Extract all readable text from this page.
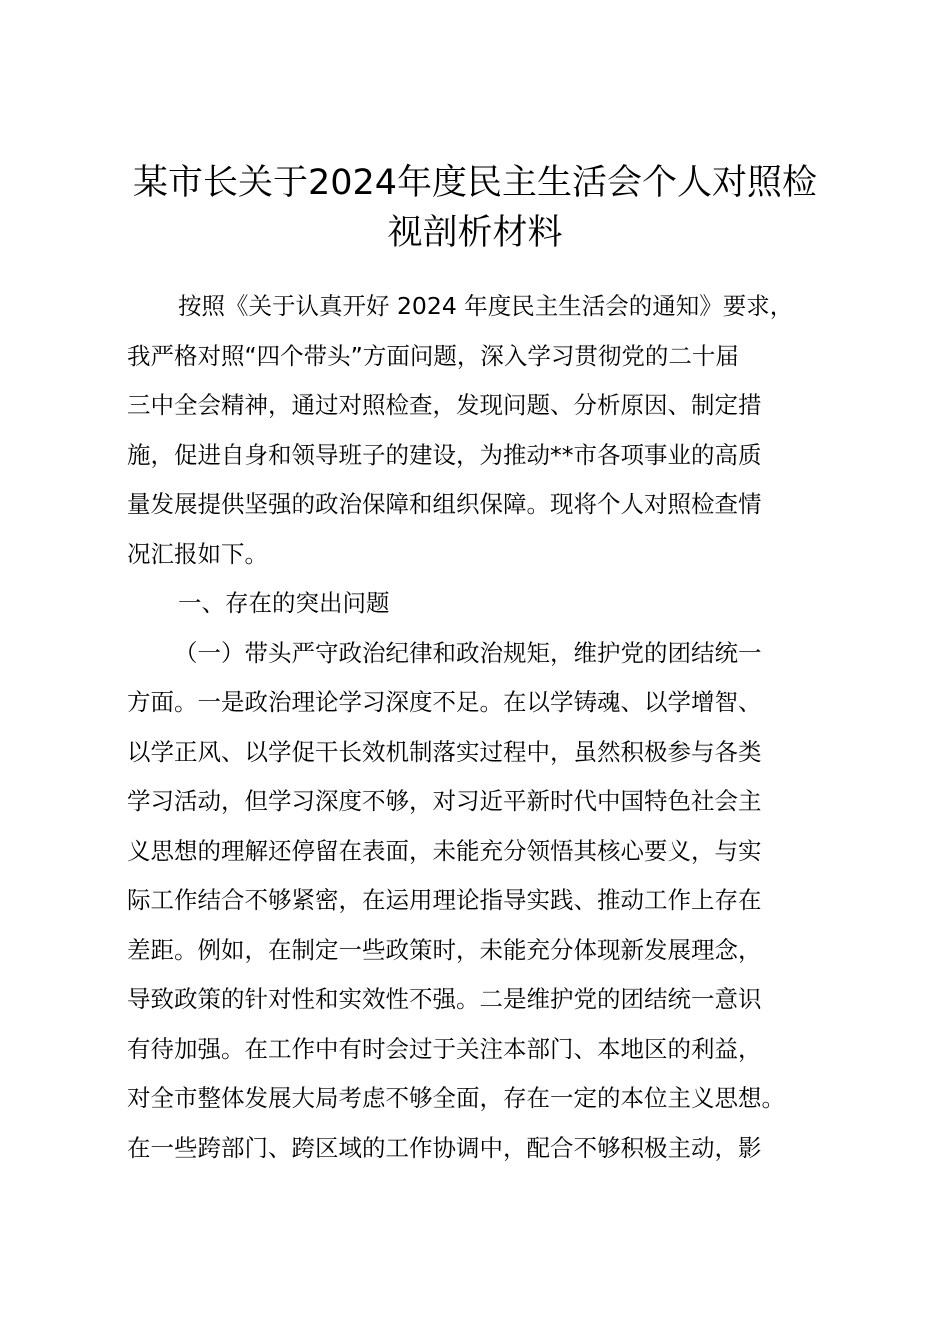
某市长关于2024年度民主生活会个人对照检
视剖析材料
按照《关于认真开好 2024 年度民主生活会的通知》要求，
我严格对照“四个带头”方面问题，深入学习贯彻党的二十届
三中全会精神，通过对照检查，发现问题、分析原因、制定措
施，促进自身和领导班子的建设，为推动**市各项事业的高质
量发展提供坚强的政治保障和组织保障。现将个人对照检查情
况汇报如下。
一、存在的突出问题
（一）带头严守政治纪律和政治规矩，维护党的团结统一
方面。一是政治理论学习深度不足。在以学铸魂、以学增智、
以学正风、以学促干长效机制落实过程中，虽然积极参与各类
学习活动，但学习深度不够，对习近平新时代中国特色社会主
义思想的理解还停留在表面，未能充分领悟其核心要义，与实
际工作结合不够紧密，在运用理论指导实践、推动工作上存在
差距。例如，在制定一些政策时，未能充分体现新发展理念，
导致政策的针对性和实效性不强。二是维护党的团结统一意识
有待加强。在工作中有时会过于关注本部门、本地区的利益，
对全市整体发展大局考虑不够全面，存在一定的本位主义思想。
在一些跨部门、跨区域的工作协调中，配合不够积极主动，影
